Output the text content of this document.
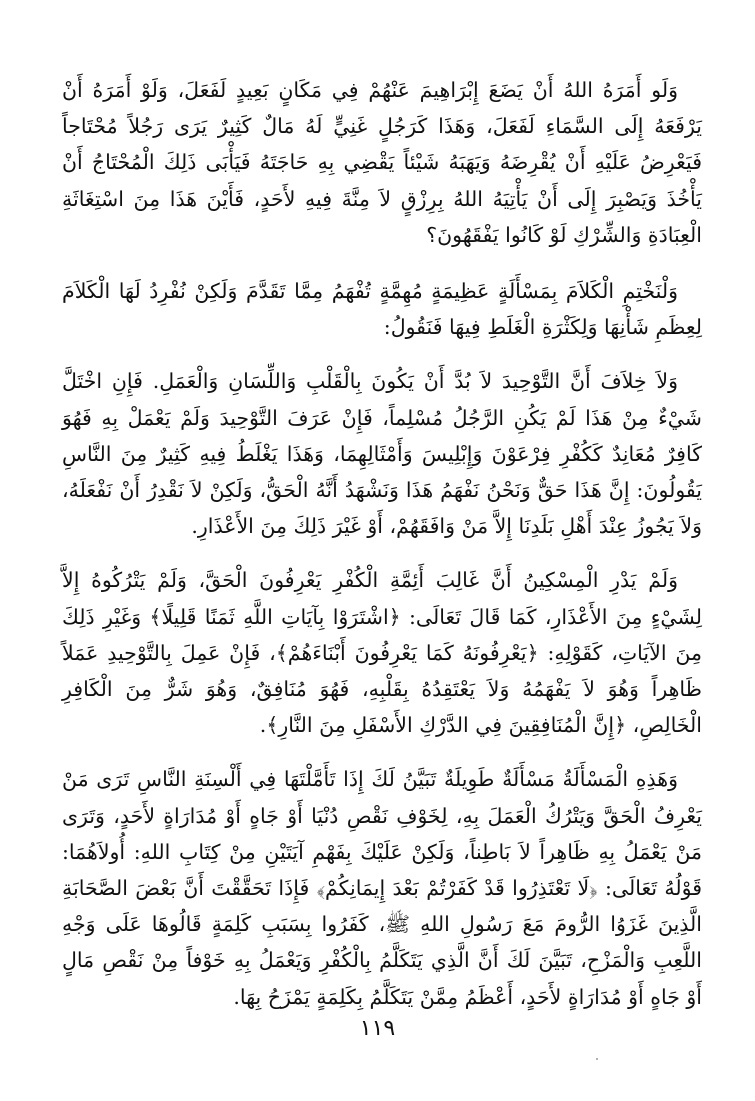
وَلَو أَمَرَهُ اللهُ أَنْ يَضَعَ إِبْرَاهِيمَ عَنْهُمْ فِي مَكَانٍ بَعِيدٍ لَفَعَلَ، وَلَوْ أَمَرَهُ أَنْ يَرْفَعَهُ إِلَى السَّمَاءِ لَفَعَلَ، وَهَذَا كَرَجُلٍ غَنِيٍّ لَهُ مَالٌ كَثِيرٌ يَرَى رَجُلاً مُحْتَاجاً فَيَعْرِضُ عَلَيْهِ أَنْ يُقْرِضَهُ وَيَهَبَهُ شَيْئاً يَقْضِي بِهِ حَاجَتَهُ فَيَأْبَى ذَلِكَ الْمُحْتَاجُ أَنْ يَأْخُذَ وَيَصْبِرَ إِلَى أَنْ يَأْتِيَهُ اللهُ بِرِزْقٍ لاَ مِنَّةَ فِيهِ لأَحَدٍ، فَأَيْنَ هَذَا مِنَ اسْتِغَاثَةِ الْعِبَادَةِ وَالشِّرْكِ لَوْ كَانُوا يَفْقَهُونَ؟

وَلْنَخْتِمِ الْكَلاَمَ بِمَسْأَلَةٍ عَظِيمَةٍ مُهِمَّةٍ تُفْهَمُ مِمَّا تَقَدَّمَ وَلَكِنْ نُفْرِدُ لَهَا الْكَلاَمَ لِعِظَمِ شَأْنِهَا وَلِكَثْرَةِ الْغَلَطِ فِيهَا فَنَقُولُ:

وَلاَ خِلاَفَ أَنَّ التَّوْحِيدَ لاَ بُدَّ أَنْ يَكُونَ بِالْقَلْبِ وَاللِّسَانِ وَالْعَمَلِ. فَإِنِ اخْتَلَّ شَيْءٌ مِنْ هَذَا لَمْ يَكُنِ الرَّجُلُ مُسْلِماً، فَإِنْ عَرَفَ التَّوْحِيدَ وَلَمْ يَعْمَلْ بِهِ فَهُوَ كَافِرٌ مُعَانِدٌ كَكُفْرِ فِرْعَوْنَ وَإِبْلِيسَ وَأَمْثَالِهِمَا، وَهَذَا يَغْلَطُ فِيهِ كَثِيرٌ مِنَ النَّاسِ يَقُولُونَ: إِنَّ هَذَا حَقٌّ وَنَحْنُ نَفْهَمُ هَذَا وَنَشْهَدُ أَنَّهُ الْحَقُّ، وَلَكِنْ لاَ نَقْدِرُ أَنْ نَفْعَلَهُ، وَلاَ يَجُوزُ عِنْدَ أَهْلِ بَلَدِنَا إِلاَّ مَنْ وَافَقَهُمْ، أَوْ غَيْرَ ذَلِكَ مِنَ الأَعْذَارِ.

وَلَمْ يَدْرِ الْمِسْكِينُ أَنَّ غَالِبَ أَئِمَّةِ الْكُفْرِ يَعْرِفُونَ الْحَقَّ، وَلَمْ يَتْرُكُوهُ إِلاَّ لِشَيْءٍ مِنَ الأَعْذَارِ، كَمَا قَالَ تَعَالَى: ﴿اشْتَرَوْا بِآيَاتِ اللَّهِ ثَمَنًا قَلِيلًا﴾ وَغَيْرِ ذَلِكَ مِنَ الآيَاتِ، كَقَوْلِهِ: ﴿يَعْرِفُونَهُ كَمَا يَعْرِفُونَ أَبْنَاءَهُمْ﴾، فَإِنْ عَمِلَ بِالتَّوْحِيدِ عَمَلاً ظَاهِراً وَهُوَ لاَ يَفْهَمُهُ وَلاَ يَعْتَقِدُهُ بِقَلْبِهِ، فَهُوَ مُنَافِقٌ، وَهُوَ شَرٌّ مِنَ الْكَافِرِ الْخَالِصِ، ﴿إِنَّ الْمُنَافِقِينَ فِي الدَّرْكِ الأَسْفَلِ مِنَ النَّارِ﴾.

وَهَذِهِ الْمَسْأَلَةُ مَسْأَلَةٌ طَوِيلَةٌ تَبَيَّنُ لَكَ إِذَا تَأَمَّلْتَهَا فِي أَلْسِنَةِ النَّاسِ تَرَى مَنْ يَعْرِفُ الْحَقَّ وَيَتْرُكُ الْعَمَلَ بِهِ، لِخَوْفِ نَقْصِ دُنْيَا أَوْ جَاهٍ أَوْ مُدَارَاةٍ لأَحَدٍ، وَتَرَى مَنْ يَعْمَلُ بِهِ ظَاهِراً لاَ بَاطِناً، وَلَكِنْ عَلَيْكَ بِفَهْمِ آيَتَيْنِ مِنْ كِتَابِ اللهِ: أُولاَهُمَا: قَوْلُهُ تَعَالَى: ﴿لَا تَعْتَذِرُوا قَدْ كَفَرْتُمْ بَعْدَ إِيمَانِكُمْ﴾ فَإِذَا تَحَقَّقْتَ أَنَّ بَعْضَ الصَّحَابَةِ الَّذِينَ غَزَوُا الرُّومَ مَعَ رَسُولِ اللهِ ﷺ، كَفَرُوا بِسَبَبِ كَلِمَةٍ قَالُوهَا عَلَى وَجْهِ اللَّعِبِ وَالْمَزْحِ، تَبَيَّنَ لَكَ أَنَّ الَّذِي يَتَكَلَّمُ بِالْكُفْرِ وَيَعْمَلُ بِهِ خَوْفاً مِنْ نَقْصِ مَالٍ أَوْ جَاهٍ أَوْ مُدَارَاةٍ لأَحَدٍ، أَعْظَمُ مِمَّنْ يَتَكَلَّمُ بِكَلِمَةٍ يَمْزَحُ بِهَا.

١١٩
